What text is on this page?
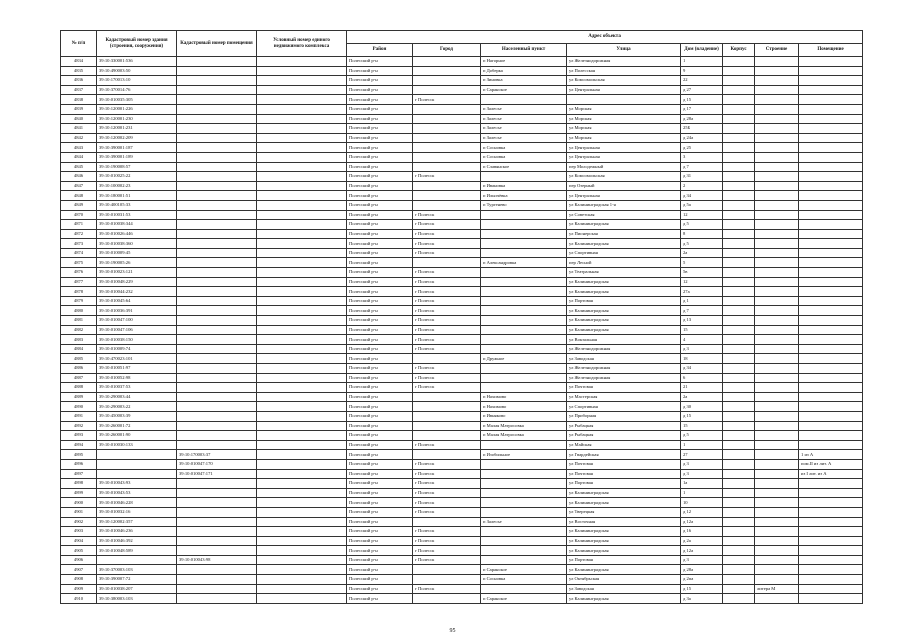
№ п/п	Кадастровый номер здания (строения, сооружения)	Кадастровый номер помещения	Условный номер единого недвижимого комплекса	Адрес объекта							
				Район	Город	Населенный пункт	Улица	Дом (владение)	Корпус	Строение	Помещение
4834	39:10:330001:536			Полесский р-н		п Нагорное	ул Железнодорожная	1			
4835	39:10:490003:50			Полесский р-н		п Доберка	ул Полесская	9			
4836	39:10:170013:10			Полесский р-н		п Зиновка	ул Комсомольская	22			
4837	39:10:370014:76			Полесский р-н		п Саранское	ул Центральная	д 27			
4838	39:10:010035:305			Полесский р-н	г Полесск			д 15			
4839	39:10:120001:226			Полесский р-н		п Залесье	ул Морская	д 17			
4840	39:10:120001:230			Полесский р-н		п Залесье	ул Морская	д 28а			
4841	39:10:120001:231			Полесский р-н		п Залесье	ул Морская	25Б			
4842	39:10:120002:209			Полесский р-н		п Залесье	ул Морская	д 24а			
4843	39:10:390001:187			Полесский р-н		п Сосновка	ул Центральная	д 25			
4844	39:10:390001:189			Полесский р-н		п Сосновка	ул Центральная	3			
4845	39:10:190008:57			Полесский р-н		п Славянское	пер Молодежный	д 7			
4846	39:10:010025:22			Полесский р-н	г Полесск		ул Комсомольская	д 31			
4847	39:10:100002:23			Полесский р-н		п Ивановка	пер Озерный	2			
4848	39:10:180001:51			Полесский р-н		п Ильичёвка	ул Центральная	д 34			
4849	39:10:400105:33			Полесский р-н		п Тургенево	ул Калининградская 1-я	д 5а			
4870	39:10:010031:53			Полесский р-н	г Полесск		ул Советская	12			
4871	39:10:010038:344			Полесский р-н	г Полесск		ул Калининградская	д 5			
4872	39:10:010026:446			Полесский р-н	г Полесск		ул Пионерская	8			
4873	39:10:010038:360			Полесский р-н	г Полесск		ул Калининградская	д 5			
4874	39:10:010009:45			Полесский р-н	г Полесск		ул Спортивная	2а			
4875	39:10:190005:26			Полесский р-н		п Александровка	пер Лесной	5			
4876	39:10:010023:121			Полесский р-н	г Полесск		ул Театральная	5в			
4877	39:10:010048:229			Полесский р-н	г Полесск		ул Калининградская	12			
4878	39:10:010044:232			Полесский р-н	г Полесск		ул Калининградская	27а			
4879	39:10:010045:64			Полесский р-н	г Полесск		ул Портовая	д 1			
4880	39:10:010036:391			Полесский р-н	г Полесск		ул Калининградская	д 7			
4881	39:10:010047:100			Полесский р-н	г Полесск		ул Калининградская	д 13			
4882	39:10:010047:106			Полесский р-н	г Полесск		ул Калининградская	15			
4883	39:10:010038:150			Полесский р-н	г Полесск		ул Вокзальная	4			
4884	39:10:010009:74			Полесский р-н	г Полесск		ул Железнодорожная	д 3			
4885	39:10:470023:101			Полесский р-н		п Дружное	ул Заводская	18			
4886	39:10:010051:97			Полесский р-н	г Полесск		ул Железнодорожная	д 34			
4887	39:10:010052:98			Полесский р-н	г Полесск		ул Железнодорожная	6			
4888	39:10:010037:53			Полесский р-н	г Полесск		ул Почтовая	21			
4889	39:10:290003:44			Полесский р-н		п Нахимово	ул Мастерская	2а			
4890	39:10:290003:22			Полесский р-н		п Нахимово	ул Спортивная	д 30			
4891	39:10:450003:39			Полесский р-н		п Ивняково	ул Приборная	д 15			
4892	39:10:260001:72			Полесский р-н		п Малая Матросовка	ул Рыбацкая	15			
4893	39:10:260001:90			Полесский р-н		п Малая Матросовка	ул Рыбацкая	д 5			
4894	39:10:010030:133			Полесский р-н	г Полесск		ул Майская	1			
4895		39:10:170003:37		Полесский р-н		п Изобильное	ул Гвардейская	27			1 из А
4896		39:10:010047:170		Полесский р-н	г Полесск		ул Почтовая	д 3			пом.II из лит. А
4897		39:10:010047:171		Полесский р-н	г Полесск		ул Почтовая	д 3			из I лит. из А
4898	39:10:010043:93			Полесский р-н	г Полесск		ул Портовая	1а			
4899	39:10:010043:53			Полесский р-н	г Полесск		ул Калининградская	1			
4900	39:10:010046:228			Полесский р-н	г Полесск		ул Калининградская	10			
4901	39:10:010032:16			Полесский р-н	г Полесск		ул Тверецкая	д 12			
4902	39:10:120002:357			Полесский р-н		п Залесье	ул Восточная	д 12а			
4903	39:10:010046:236			Полесский р-н	г Полесск		ул Калининградская	д 16			
4904	39:10:010046:392			Полесский р-н	г Полесск		ул Калининградская	д 2а			
4905	39:10:010048:589			Полесский р-н	г Полесск		ул Калининградская	д 12а			
4906		39:10:010043:98		Полесский р-н	г Полесск		ул Портовая	д 3			
4907	39:10:370003:103			Полесский р-н		п Саранское	ул Калининградская	д 28а			
4908	39:10:390007:72			Полесский р-н		п Сосновка	ул Октябрьская	д 2па			
4909	39:10:010038:207			Полесский р-н	г Полесск		ул Заводская	д 15		литера М	
4910	39:10:380003:103			Полесский р-н		п Саранское	ул Калининградская	д 3а			
95
